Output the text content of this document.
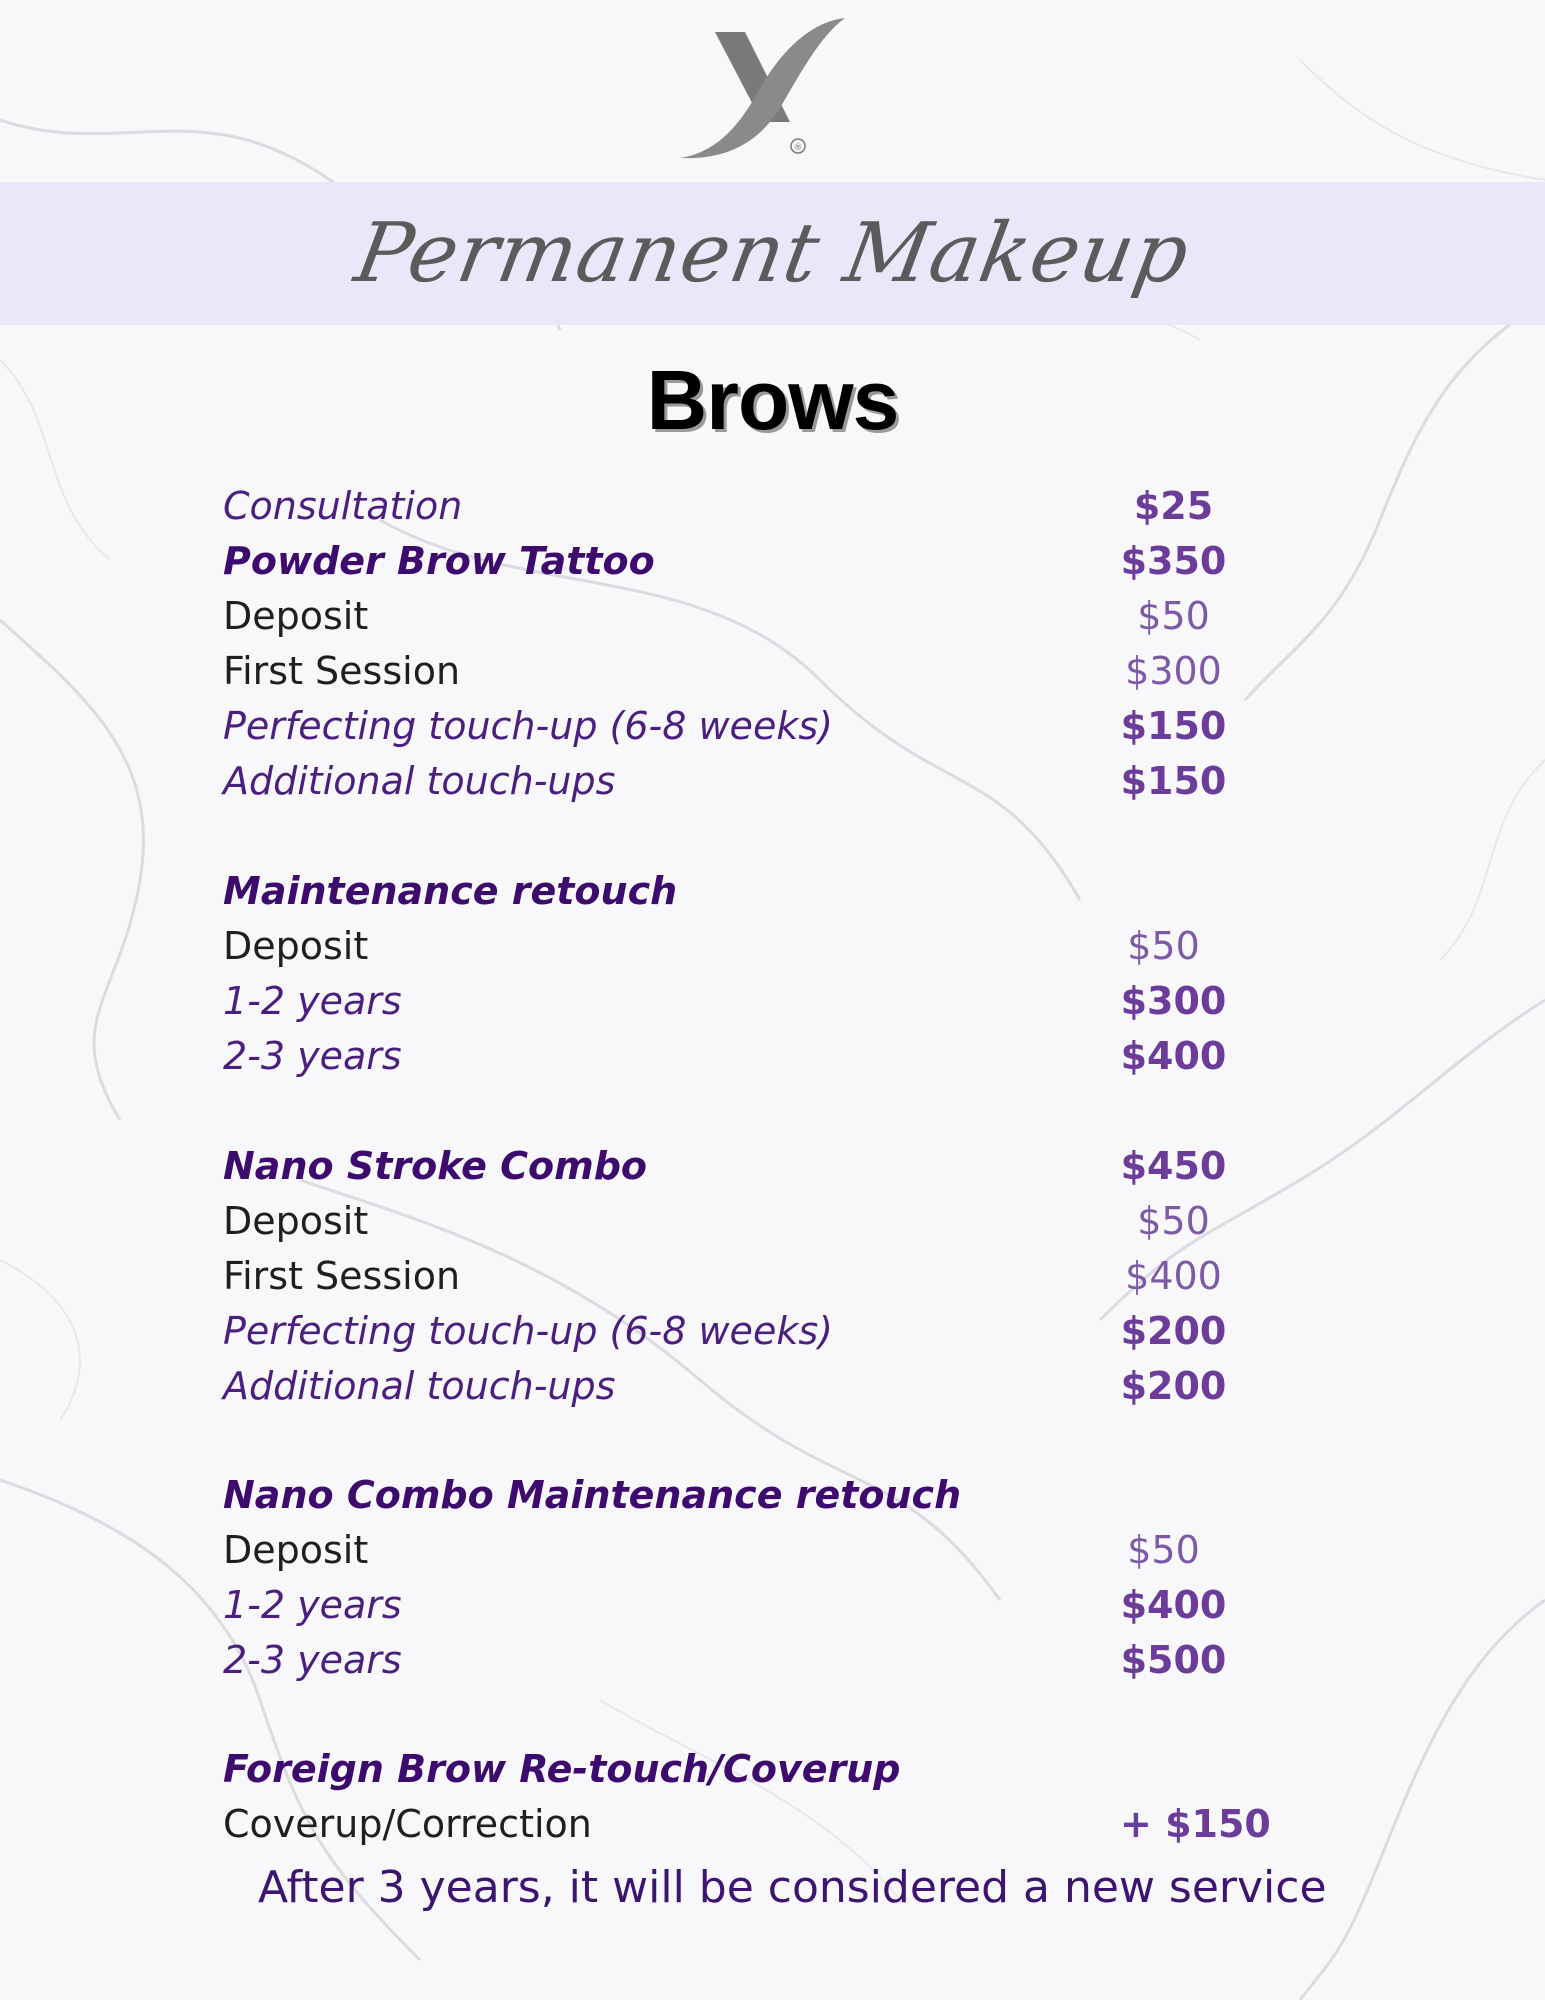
®
Permanent Makeup
Brows
Consultation	$25
Powder Brow Tattoo	$350
Deposit	$50
First Session	$300
Perfecting touch-up (6-8 weeks)	$150
Additional touch-ups	$150
Maintenance retouch
Deposit	$50
1-2 years	$300
2-3 years	$400
Nano Stroke Combo	$450
Deposit	$50
First Session	$400
Perfecting touch-up (6-8 weeks)	$200
Additional touch-ups	$200
Nano Combo Maintenance retouch
Deposit	$50
1-2 years	$400
2-3 years	$500
Foreign Brow Re-touch/Coverup
Coverup/Correction	+ $150
After 3 years, it will be considered a new service
